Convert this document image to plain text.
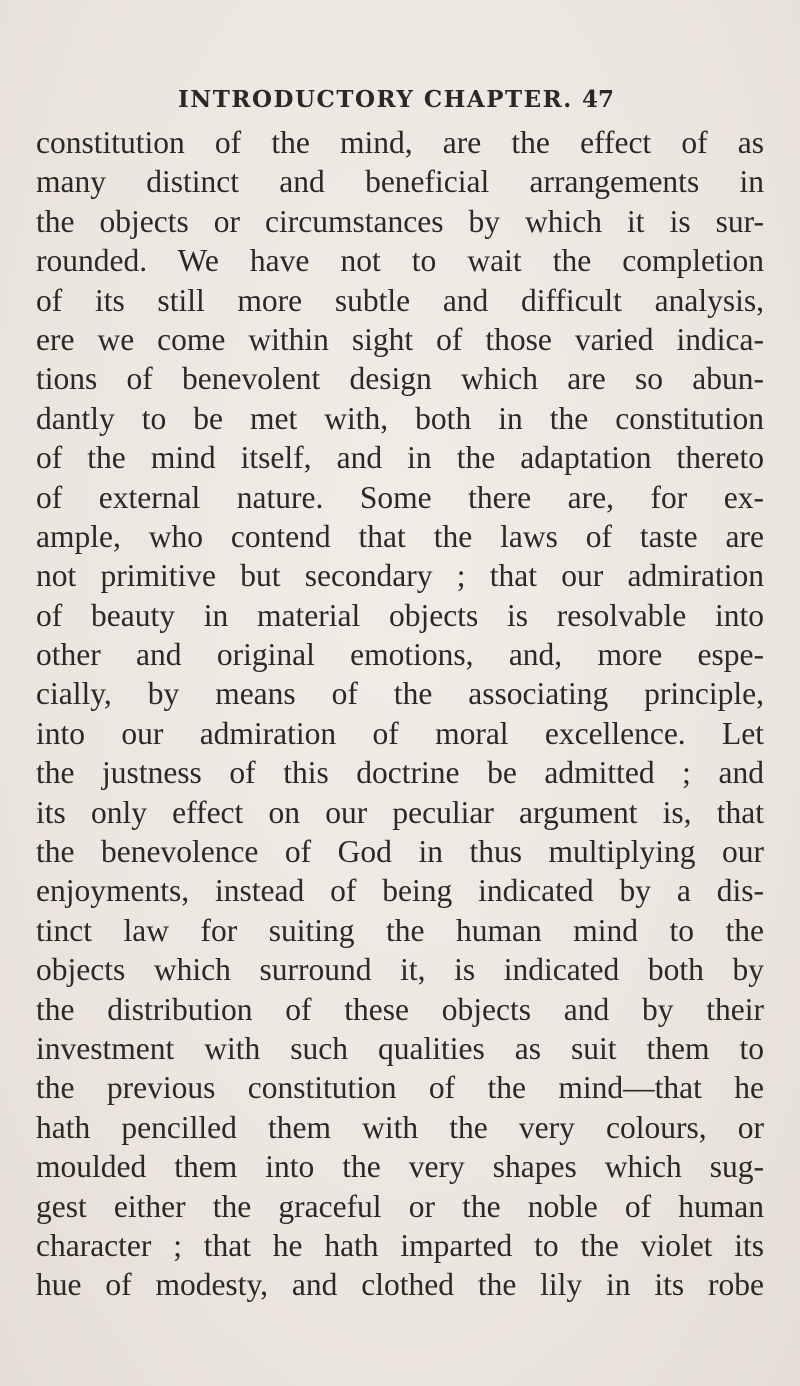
INTRODUCTORY CHAPTER. 47
constitution of the mind, are the effect of as
many distinct and beneficial arrangements in
the objects or circumstances by which it is sur-
rounded. We have not to wait the completion
of its still more subtle and difficult analysis,
ere we come within sight of those varied indica-
tions of benevolent design which are so abun-
dantly to be met with, both in the constitution
of the mind itself, and in the adaptation thereto
of external nature. Some there are, for ex-
ample, who contend that the laws of taste are
not primitive but secondary ; that our admiration
of beauty in material objects is resolvable into
other and original emotions, and, more espe-
cially, by means of the associating principle,
into our admiration of moral excellence. Let
the justness of this doctrine be admitted ; and
its only effect on our peculiar argument is, that
the benevolence of God in thus multiplying our
enjoyments, instead of being indicated by a dis-
tinct law for suiting the human mind to the
objects which surround it, is indicated both by
the distribution of these objects and by their
investment with such qualities as suit them to
the previous constitution of the mind—that he
hath pencilled them with the very colours, or
moulded them into the very shapes which sug-
gest either the graceful or the noble of human
character ; that he hath imparted to the violet its
hue of modesty, and clothed the lily in its robe
